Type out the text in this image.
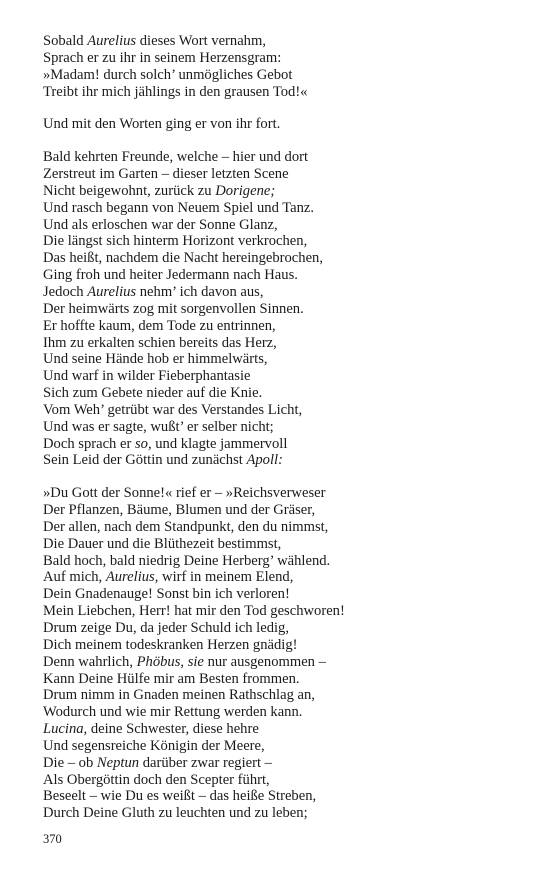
Sobald Aurelius dieses Wort vernahm,
Sprach er zu ihr in seinem Herzensgram:
»Madam! durch solch’ unmögliches Gebot
Treibt ihr mich jählings in den grausen Tod!«
Und mit den Worten ging er von ihr fort.
Bald kehrten Freunde, welche – hier und dort
Zerstreut im Garten – dieser letzten Scene
Nicht beigewohnt, zurück zu Dorigene;
Und rasch begann von Neuem Spiel und Tanz.
Und als erloschen war der Sonne Glanz,
Die längst sich hinterm Horizont verkrochen,
Das heißt, nachdem die Nacht hereingebrochen,
Ging froh und heiter Jedermann nach Haus.
Jedoch Aurelius nehm’ ich davon aus,
Der heimwärts zog mit sorgenvollen Sinnen.
Er hoffte kaum, dem Tode zu entrinnen,
Ihm zu erkalten schien bereits das Herz,
Und seine Hände hob er himmelwärts,
Und warf in wilder Fieberphantasie
Sich zum Gebete nieder auf die Knie.
Vom Weh’ getrübt war des Verstandes Licht,
Und was er sagte, wußt’ er selber nicht;
Doch sprach er so, und klagte jammervoll
Sein Leid der Göttin und zunächst Apoll:
»Du Gott der Sonne!« rief er – »Reichsverweser
Der Pflanzen, Bäume, Blumen und der Gräser,
Der allen, nach dem Standpunkt, den du nimmst,
Die Dauer und die Blüthezeit bestimmst,
Bald hoch, bald niedrig Deine Herberg’ wählend.
Auf mich, Aurelius, wirf in meinem Elend,
Dein Gnadenauge! Sonst bin ich verloren!
Mein Liebchen, Herr! hat mir den Tod geschworen!
Drum zeige Du, da jeder Schuld ich ledig,
Dich meinem todeskranken Herzen gnädig!
Denn wahrlich, Phöbus, sie nur ausgenommen –
Kann Deine Hülfe mir am Besten frommen.
Drum nimm in Gnaden meinen Rathschlag an,
Wodurch und wie mir Rettung werden kann.
Lucina, deine Schwester, diese hehre
Und segensreiche Königin der Meere,
Die – ob Neptun darüber zwar regiert –
Als Obergöttin doch den Scepter führt,
Beseelt – wie Du es weißt – das heiße Streben,
Durch Deine Gluth zu leuchten und zu leben;
370
